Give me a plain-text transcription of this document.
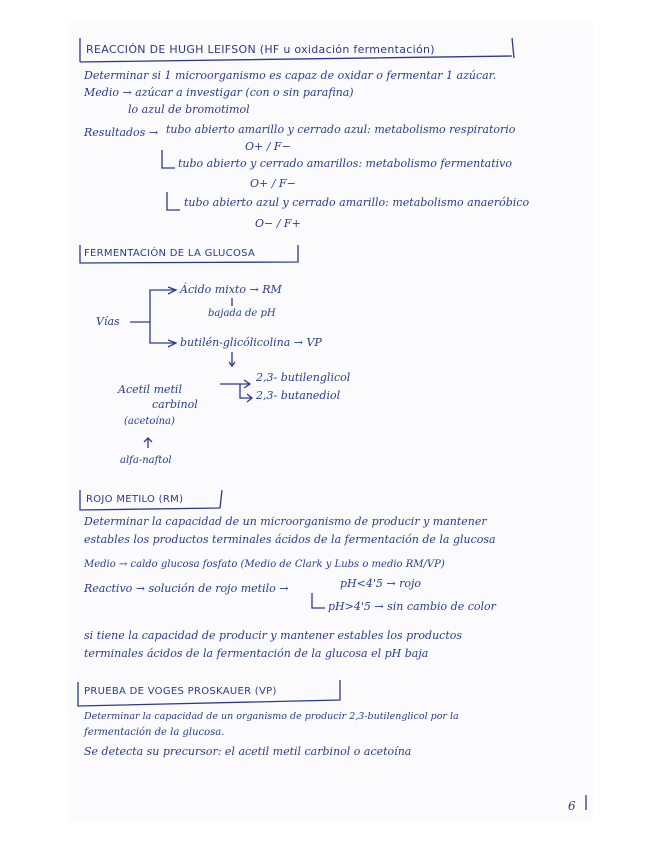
REACCIÓN DE HUGH LEIFSON (HF u oxidación fermentación)
Determinar si 1 microorganismo es capaz de oxidar o fermentar 1 azúcar.
Medio → azúcar a investigar (con o sin parafina)
lo azul de bromotimol
Resultados → tubo abierto amarillo y cerrado azul: metabolismo respiratorio
O+ / F−
tubo abierto y cerrado amarillos: metabolismo fermentativo
O+ / F−
tubo abierto azul y cerrado amarillo: metabolismo anaeróbico
O− / F+
FERMENTACIÓN DE LA GLUCOSA
Vías
Ácido mixto → RM
bajada de pH
butilén-glicólicolina → VP
Acetil metil
carbinol
(acetoína)
2,3- butilenglicol
2,3- butanediol
alfa-naftol
ROJO METILO (RM)
Determinar la capacidad de un microorganismo de producir y mantener
estables los productos terminales ácidos de la fermentación de la glucosa
Medio → caldo glucosa fosfato (Medio de Clark y Lubs o medio RM/VP)
Reactivo → solución de rojo metilo →	pH<4'5 → rojo
pH>4'5 → sin cambio de color
si tiene la capacidad de producir y mantener estables los productos
terminales ácidos de la fermentación de la glucosa el pH baja
PRUEBA DE VOGES PROSKAUER (VP)
Determinar la capacidad de un organismo de producir 2,3-butilenglicol por la
fermentación de la glucosa.
Se detecta su precursor: el acetil metil carbinol o acetoína
6
